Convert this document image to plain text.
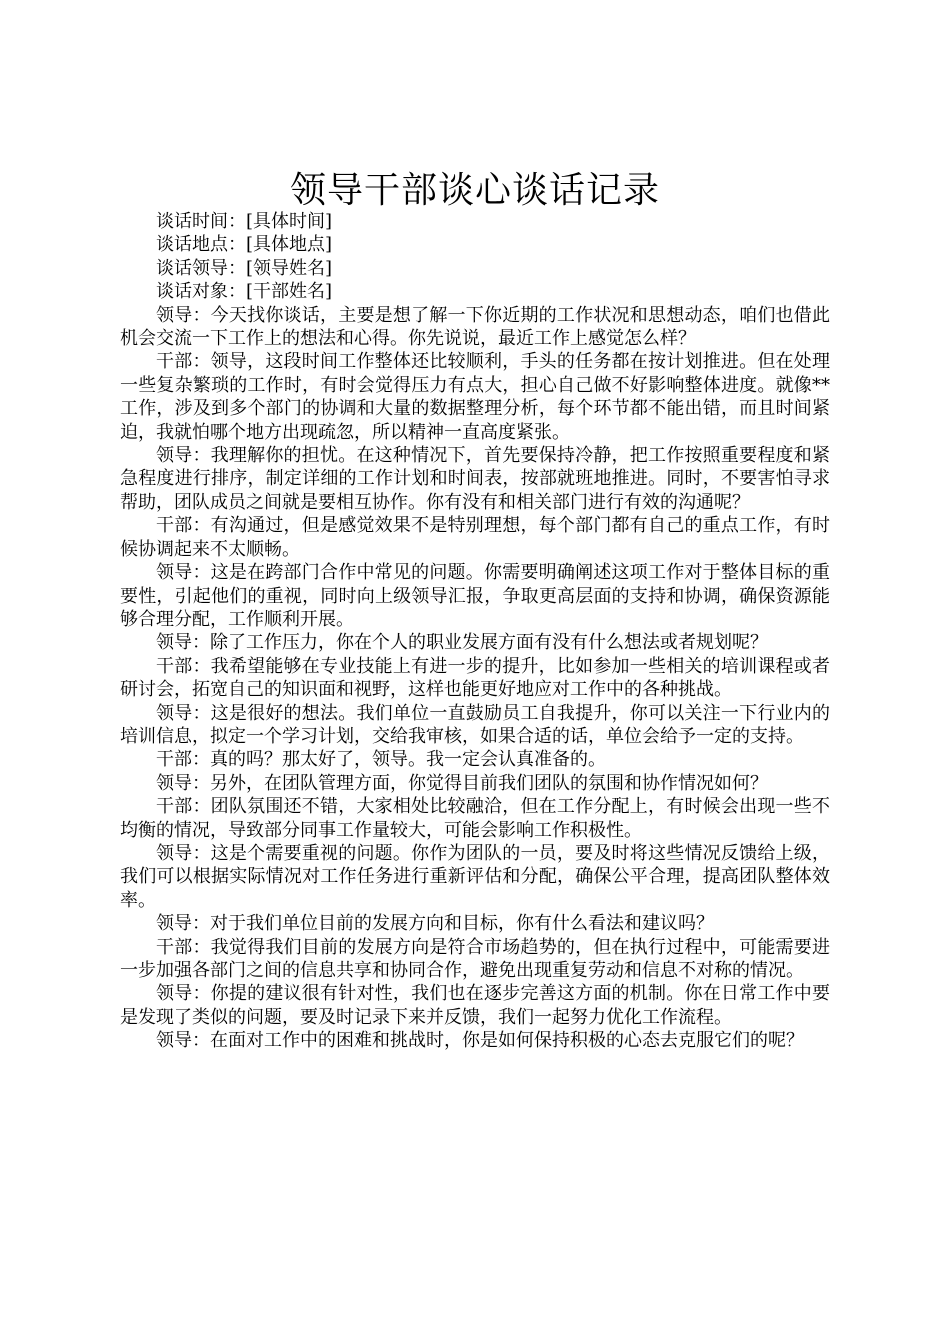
领导干部谈心谈话记录
谈话时间：[具体时间]
谈话地点：[具体地点]
谈话领导：[领导姓名]
谈话对象：[干部姓名]

领导：今天找你谈话，主要是想了解一下你近期的工作状况和思想动态，咱们也借此机会交流一下工作上的想法和心得。你先说说，最近工作上感觉怎么样？

干部：领导，这段时间工作整体还比较顺利，手头的任务都在按计划推进。但在处理一些复杂繁琐的工作时，有时会觉得压力有点大，担心自己做不好影响整体进度。就像**工作，涉及到多个部门的协调和大量的数据整理分析，每个环节都不能出错，而且时间紧迫，我就怕哪个地方出现疏忽，所以精神一直高度紧张。

领导：我理解你的担忧。在这种情况下，首先要保持冷静，把工作按照重要程度和紧急程度进行排序，制定详细的工作计划和时间表，按部就班地推进。同时，不要害怕寻求帮助，团队成员之间就是要相互协作。你有没有和相关部门进行有效的沟通呢？

干部：有沟通过，但是感觉效果不是特别理想，每个部门都有自己的重点工作，有时候协调起来不太顺畅。

领导：这是在跨部门合作中常见的问题。你需要明确阐述这项工作对于整体目标的重要性，引起他们的重视，同时向上级领导汇报，争取更高层面的支持和协调，确保资源能够合理分配，工作顺利开展。

领导：除了工作压力，你在个人的职业发展方面有没有什么想法或者规划呢？

干部：我希望能够在专业技能上有进一步的提升，比如参加一些相关的培训课程或者研讨会，拓宽自己的知识面和视野，这样也能更好地应对工作中的各种挑战。

领导：这是很好的想法。我们单位一直鼓励员工自我提升，你可以关注一下行业内的培训信息，拟定一个学习计划，交给我审核，如果合适的话，单位会给予一定的支持。

干部：真的吗？那太好了，领导。我一定会认真准备的。

领导：另外，在团队管理方面，你觉得目前我们团队的氛围和协作情况如何？

干部：团队氛围还不错，大家相处比较融洽，但在工作分配上，有时候会出现一些不均衡的情况，导致部分同事工作量较大，可能会影响工作积极性。

领导：这是个需要重视的问题。你作为团队的一员，要及时将这些情况反馈给上级，我们可以根据实际情况对工作任务进行重新评估和分配，确保公平合理，提高团队整体效率。

领导：对于我们单位目前的发展方向和目标，你有什么看法和建议吗？

干部：我觉得我们目前的发展方向是符合市场趋势的，但在执行过程中，可能需要进一步加强各部门之间的信息共享和协同合作，避免出现重复劳动和信息不对称的情况。

领导：你提的建议很有针对性，我们也在逐步完善这方面的机制。你在日常工作中要是发现了类似的问题，要及时记录下来并反馈，我们一起努力优化工作流程。

领导：在面对工作中的困难和挑战时，你是如何保持积极的心态去克服它们的呢？
